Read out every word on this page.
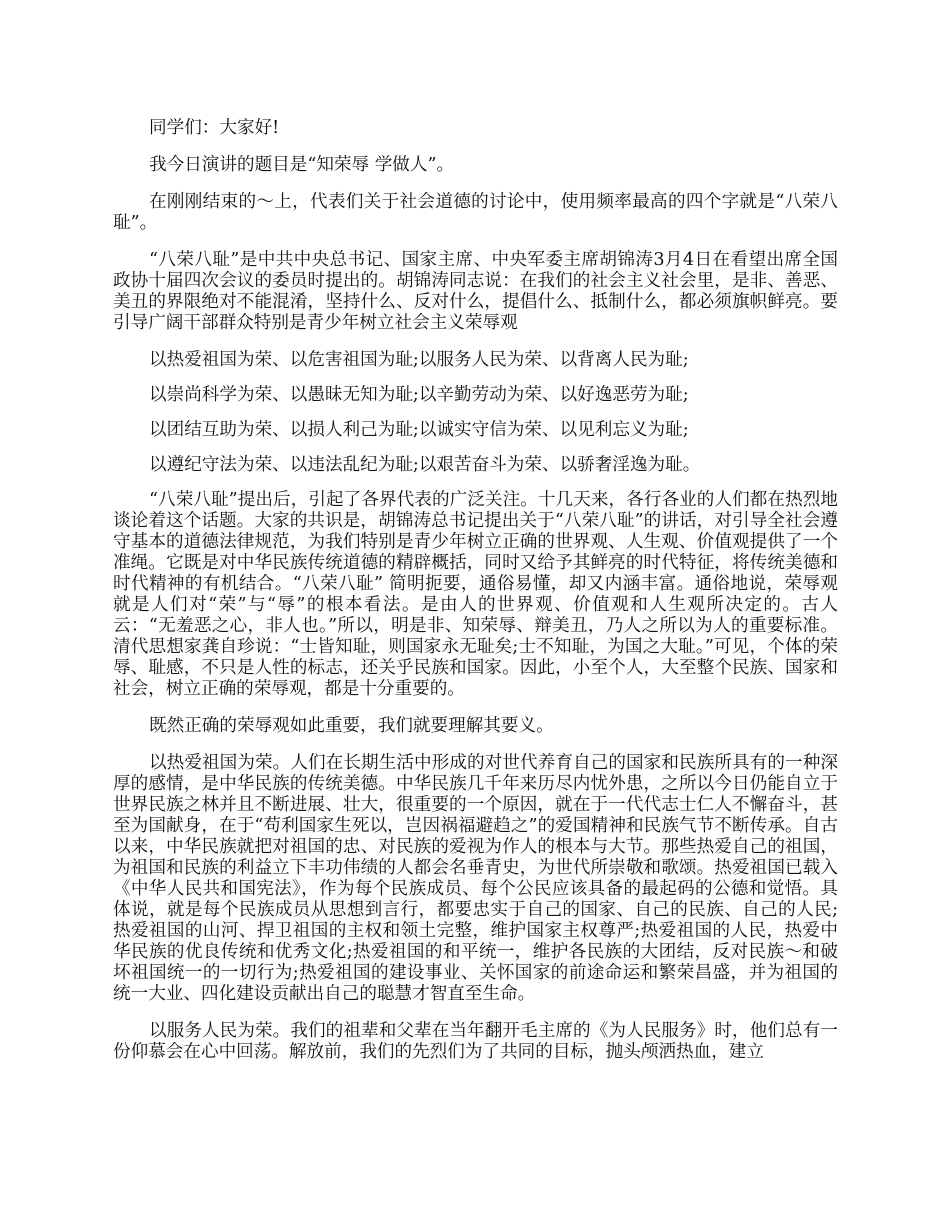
同学们：大家好!

我今日演讲的题目是“知荣辱 学做人”。

在刚刚结束的～上，代表们关于社会道德的讨论中，使用频率最高的四个字就是“八荣八耻”。

“八荣八耻”是中共中央总书记、国家主席、中央军委主席胡锦涛3月4日在看望出席全国政协十届四次会议的委员时提出的。胡锦涛同志说：在我们的社会主义社会里，是非、善恶、美丑的界限绝对不能混淆，坚持什么、反对什么，提倡什么、抵制什么，都必须旗帜鲜亮。要引导广阔干部群众特别是青少年树立社会主义荣辱观

以热爱祖国为荣、以危害祖国为耻;以服务人民为荣、以背离人民为耻;

以崇尚科学为荣、以愚昧无知为耻;以辛勤劳动为荣、以好逸恶劳为耻;

以团结互助为荣、以损人利己为耻;以诚实守信为荣、以见利忘义为耻;

以遵纪守法为荣、以违法乱纪为耻;以艰苦奋斗为荣、以骄奢淫逸为耻。

“八荣八耻”提出后，引起了各界代表的广泛关注。十几天来，各行各业的人们都在热烈地谈论着这个话题。大家的共识是，胡锦涛总书记提出关于“八荣八耻”的讲话，对引导全社会遵守基本的道德法律规范，为我们特别是青少年树立正确的世界观、人生观、价值观提供了一个准绳。它既是对中华民族传统道德的精辟概括，同时又给予其鲜亮的时代特征，将传统美德和时代精神的有机结合。“八荣八耻” 简明扼要，通俗易懂，却又内涵丰富。通俗地说，荣辱观就是人们对“荣”与“辱”的根本看法。是由人的世界观、价值观和人生观所决定的。古人云：“无羞恶之心，非人也。”所以，明是非、知荣辱、辩美丑，乃人之所以为人的重要标准。清代思想家龚自珍说：“士皆知耻，则国家永无耻矣;士不知耻，为国之大耻。”可见，个体的荣辱、耻感，不只是人性的标志，还关乎民族和国家。因此，小至个人，大至整个民族、国家和社会，树立正确的荣辱观，都是十分重要的。

既然正确的荣辱观如此重要，我们就要理解其要义。

以热爱祖国为荣。人们在长期生活中形成的对世代养育自己的国家和民族所具有的一种深厚的感情，是中华民族的传统美德。中华民族几千年来历尽内忧外患，之所以今日仍能自立于世界民族之林并且不断进展、壮大，很重要的一个原因，就在于一代代志士仁人不懈奋斗，甚至为国献身，在于“苟利国家生死以，岂因祸福避趋之”的爱国精神和民族气节不断传承。自古以来，中华民族就把对祖国的忠、对民族的爱视为作人的根本与大节。那些热爱自己的祖国，为祖国和民族的利益立下丰功伟绩的人都会名垂青史，为世代所崇敬和歌颂。热爱祖国已载入《中华人民共和国宪法》，作为每个民族成员、每个公民应该具备的最起码的公德和觉悟。具体说，就是每个民族成员从思想到言行，都要忠实于自己的国家、自己的民族、自己的人民;热爱祖国的山河、捍卫祖国的主权和领土完整，维护国家主权尊严;热爱祖国的人民，热爱中华民族的优良传统和优秀文化;热爱祖国的和平统一，维护各民族的大团结，反对民族～和破坏祖国统一的一切行为;热爱祖国的建设事业、关怀国家的前途命运和繁荣昌盛，并为祖国的统一大业、四化建设贡献出自己的聪慧才智直至生命。

以服务人民为荣。我们的祖辈和父辈在当年翻开毛主席的《为人民服务》时，他们总有一份仰慕会在心中回荡。解放前，我们的先烈们为了共同的目标，抛头颅洒热血，建立
